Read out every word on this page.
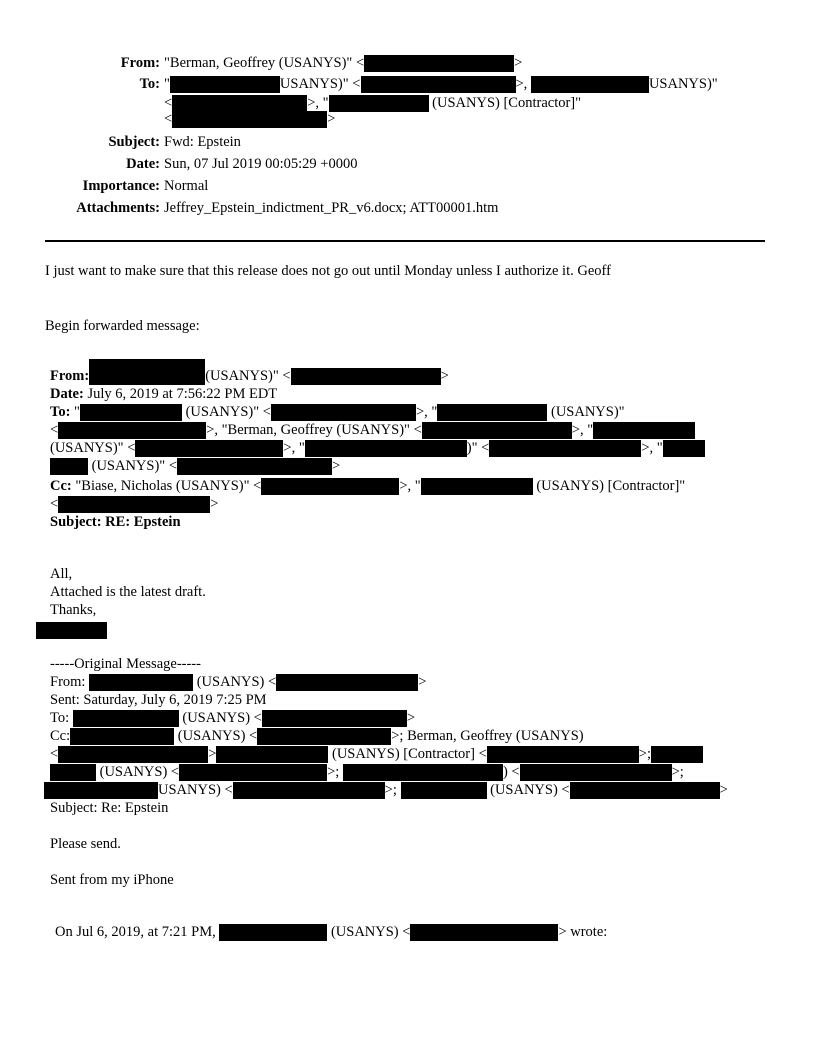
From: "Berman, Geoffrey (USANYS)" <	>
To: "	USANYS)" <	>,	USANYS)"
<	>, "	(USANYS) [Contractor]"
<	>
Subject: Fwd: Epstein
Date: Sun, 07 Jul 2019 00:05:29 +0000
Importance: Normal
Attachments: Jeffrey_Epstein_indictment_PR_v6.docx; ATT00001.htm
I just want to make sure that this release does not go out until Monday unless I authorize it. Geoff
Begin forwarded message:
From:	(USANYS)" <	>
Date: July 6, 2019 at 7:56:22 PM EDT
To: "	(USANYS)" <	>, "	(USANYS)"
<	>, "Berman, Geoffrey (USANYS)" <	>, "
(USANYS)" <	>, "	)" <	>, "
(USANYS)" <	>
Cc: "Biase, Nicholas (USANYS)" <	>, "	(USANYS) [Contractor]"
<	>
Subject: RE: Epstein
All,
Attached is the latest draft.
Thanks,
-----Original Message-----
From:	(USANYS) <	>
Sent: Saturday, July 6, 2019 7:25 PM
To:	(USANYS) <	>
Cc:	(USANYS) <	>; Berman, Geoffrey (USANYS)
<	>	(USANYS) [Contractor] <	>;
(USANYS) <	>;	) <	>;
USANYS) <	>;	(USANYS) <	>
Subject: Re: Epstein
Please send.
Sent from my iPhone
On Jul 6, 2019, at 7:21 PM,	(USANYS) <	> wrote:
